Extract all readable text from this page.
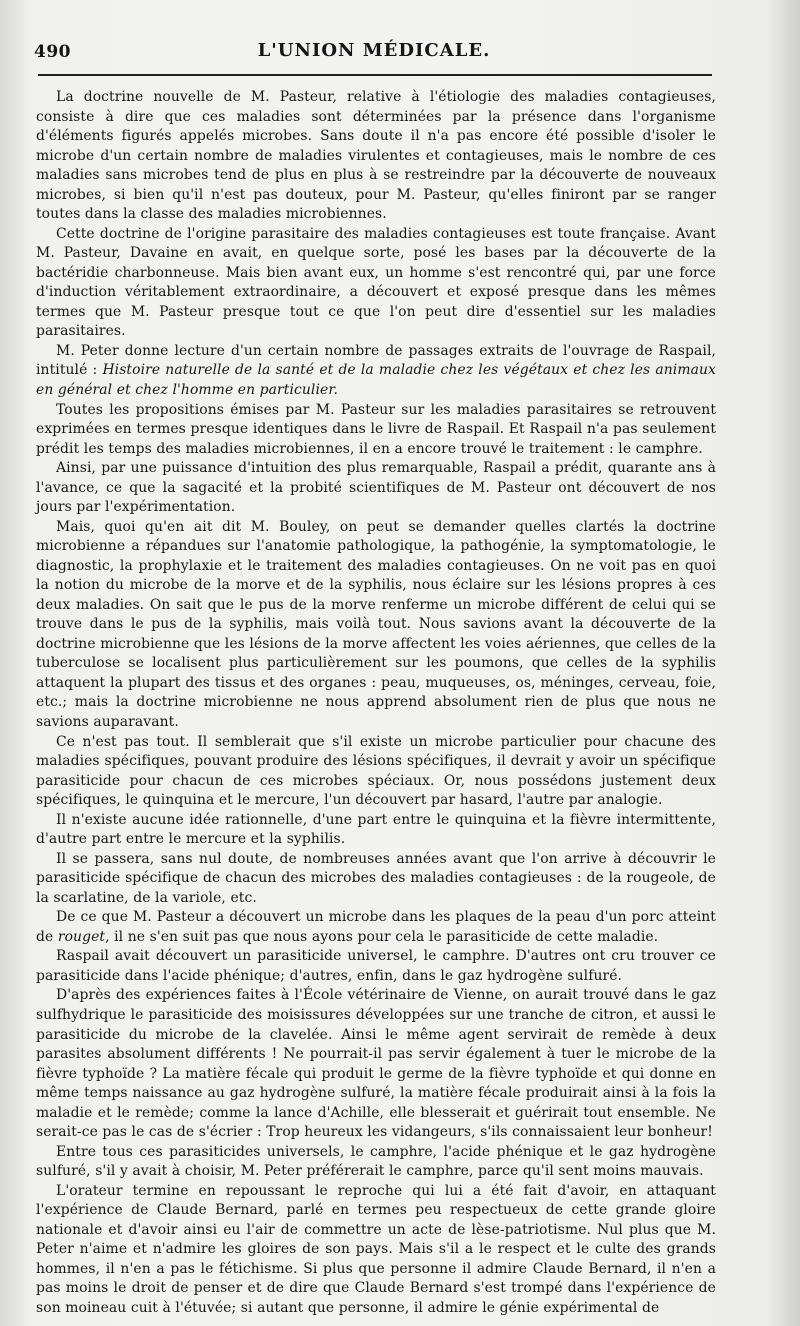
490	L'UNION MÉDICALE.

La doctrine nouvelle de M. Pasteur, relative à l'étiologie des maladies contagieuses, consiste à dire que ces maladies sont déterminées par la présence dans l'organisme d'éléments figurés appelés microbes. Sans doute il n'a pas encore été possible d'isoler le microbe d'un certain nombre de maladies virulentes et contagieuses, mais le nombre de ces maladies sans microbes tend de plus en plus à se restreindre par la découverte de nouveaux microbes, si bien qu'il n'est pas douteux, pour M. Pasteur, qu'elles finiront par se ranger toutes dans la classe des maladies microbiennes.

Cette doctrine de l'origine parasitaire des maladies contagieuses est toute française. Avant M. Pasteur, Davaine en avait, en quelque sorte, posé les bases par la découverte de la bactéridie charbonneuse. Mais bien avant eux, un homme s'est rencontré qui, par une force d'induction véritablement extraordinaire, a découvert et exposé presque dans les mêmes termes que M. Pasteur presque tout ce que l'on peut dire d'essentiel sur les maladies parasitaires.

M. Peter donne lecture d'un certain nombre de passages extraits de l'ouvrage de Raspail, intitulé : Histoire naturelle de la santé et de la maladie chez les végétaux et chez les animaux en général et chez l'homme en particulier.

Toutes les propositions émises par M. Pasteur sur les maladies parasitaires se retrouvent exprimées en termes presque identiques dans le livre de Raspail. Et Raspail n'a pas seulement prédit les temps des maladies microbiennes, il en a encore trouvé le traitement : le camphre.

Ainsi, par une puissance d'intuition des plus remarquable, Raspail a prédit, quarante ans à l'avance, ce que la sagacité et la probité scientifiques de M. Pasteur ont découvert de nos jours par l'expérimentation.

Mais, quoi qu'en ait dit M. Bouley, on peut se demander quelles clartés la doctrine microbienne a répandues sur l'anatomie pathologique, la pathogénie, la symptomatologie, le diagnostic, la prophylaxie et le traitement des maladies contagieuses. On ne voit pas en quoi la notion du microbe de la morve et de la syphilis, nous éclaire sur les lésions propres à ces deux maladies. On sait que le pus de la morve renferme un microbe différent de celui qui se trouve dans le pus de la syphilis, mais voilà tout. Nous savions avant la découverte de la doctrine microbienne que les lésions de la morve affectent les voies aériennes, que celles de la tuberculose se localisent plus particulièrement sur les poumons, que celles de la syphilis attaquent la plupart des tissus et des organes : peau, muqueuses, os, méninges, cerveau, foie, etc.; mais la doctrine microbienne ne nous apprend absolument rien de plus que nous ne savions auparavant.

Ce n'est pas tout. Il semblerait que s'il existe un microbe particulier pour chacune des maladies spécifiques, pouvant produire des lésions spécifiques, il devrait y avoir un spécifique parasiticide pour chacun de ces microbes spéciaux. Or, nous possédons justement deux spécifiques, le quinquina et le mercure, l'un découvert par hasard, l'autre par analogie.

Il n'existe aucune idée rationnelle, d'une part entre le quinquina et la fièvre intermittente, d'autre part entre le mercure et la syphilis.

Il se passera, sans nul doute, de nombreuses années avant que l'on arrive à découvrir le parasiticide spécifique de chacun des microbes des maladies contagieuses : de la rougeole, de la scarlatine, de la variole, etc.

De ce que M. Pasteur a découvert un microbe dans les plaques de la peau d'un porc atteint de rouget, il ne s'en suit pas que nous ayons pour cela le parasiticide de cette maladie.

Raspail avait découvert un parasiticide universel, le camphre. D'autres ont cru trouver ce parasiticide dans l'acide phénique; d'autres, enfin, dans le gaz hydrogène sulfuré.

D'après des expériences faites à l'École vétérinaire de Vienne, on aurait trouvé dans le gaz sulfhydrique le parasiticide des moisissures développées sur une tranche de citron, et aussi le parasiticide du microbe de la clavelée. Ainsi le même agent servirait de remède à deux parasites absolument différents ! Ne pourrait-il pas servir également à tuer le microbe de la fièvre typhoïde ? La matière fécale qui produit le germe de la fièvre typhoïde et qui donne en même temps naissance au gaz hydrogène sulfuré, la matière fécale produirait ainsi à la fois la maladie et le remède; comme la lance d'Achille, elle blesserait et guérirait tout ensemble. Ne serait-ce pas le cas de s'écrier : Trop heureux les vidangeurs, s'ils connaissaient leur bonheur!

Entre tous ces parasiticides universels, le camphre, l'acide phénique et le gaz hydrogène sulfuré, s'il y avait à choisir, M. Peter préférerait le camphre, parce qu'il sent moins mauvais.

L'orateur termine en repoussant le reproche qui lui a été fait d'avoir, en attaquant l'expérience de Claude Bernard, parlé en termes peu respectueux de cette grande gloire nationale et d'avoir ainsi eu l'air de commettre un acte de lèse-patriotisme. Nul plus que M. Peter n'aime et n'admire les gloires de son pays. Mais s'il a le respect et le culte des grands hommes, il n'en a pas le fétichisme. Si plus que personne il admire Claude Bernard, il n'en a pas moins le droit de penser et de dire que Claude Bernard s'est trompé dans l'expérience de son moineau cuit à l'étuvée; si autant que personne, il admire le génie expérimental de
